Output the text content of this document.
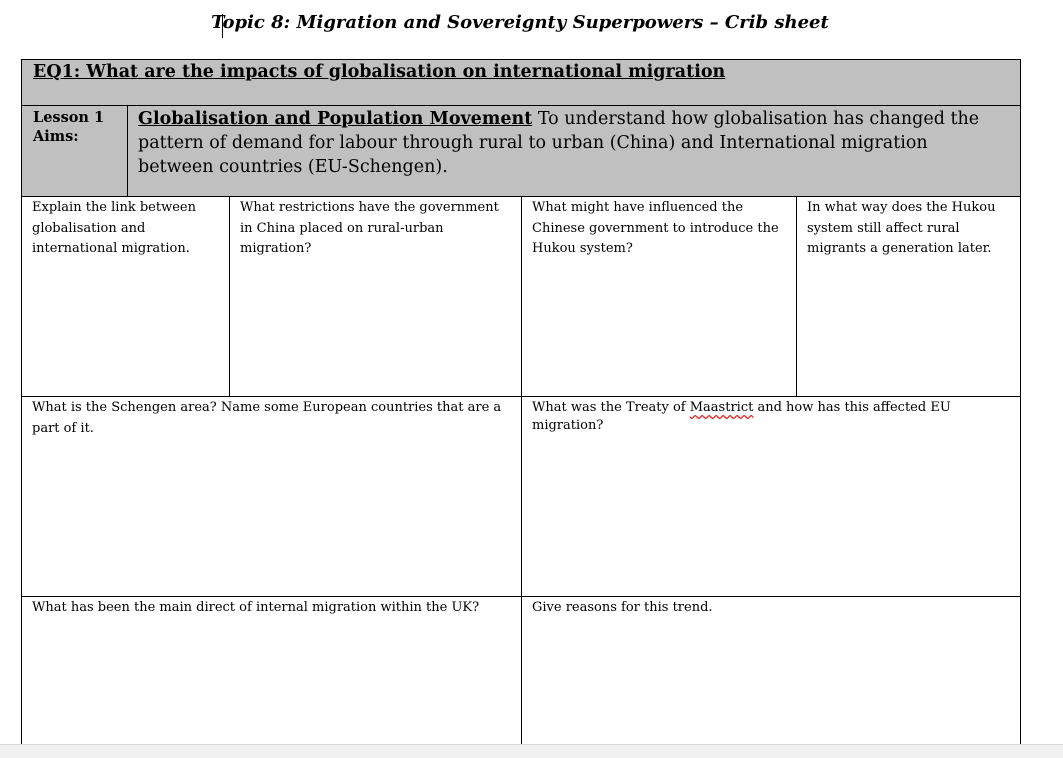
Topic 8: Migration and Sovereignty Superpowers – Crib sheet
EQ1: What are the impacts of globalisation on international migration
Lesson 1
Aims:
Globalisation and Population Movement To understand how globalisation has changed the pattern of demand for labour through rural to urban (China) and International migration between countries (EU-Schengen).
Explain the link between globalisation and international migration.
What restrictions have the government in China placed on rural-urban migration?
What might have influenced the Chinese government to introduce the Hukou system?
In what way does the Hukou system still affect rural migrants a generation later.
What is the Schengen area? Name some European countries that are a part of it.
What was the Treaty of Maastrict and how has this affected EU migration?
What has been the main direct of internal migration within the UK?	Give reasons for this trend.
